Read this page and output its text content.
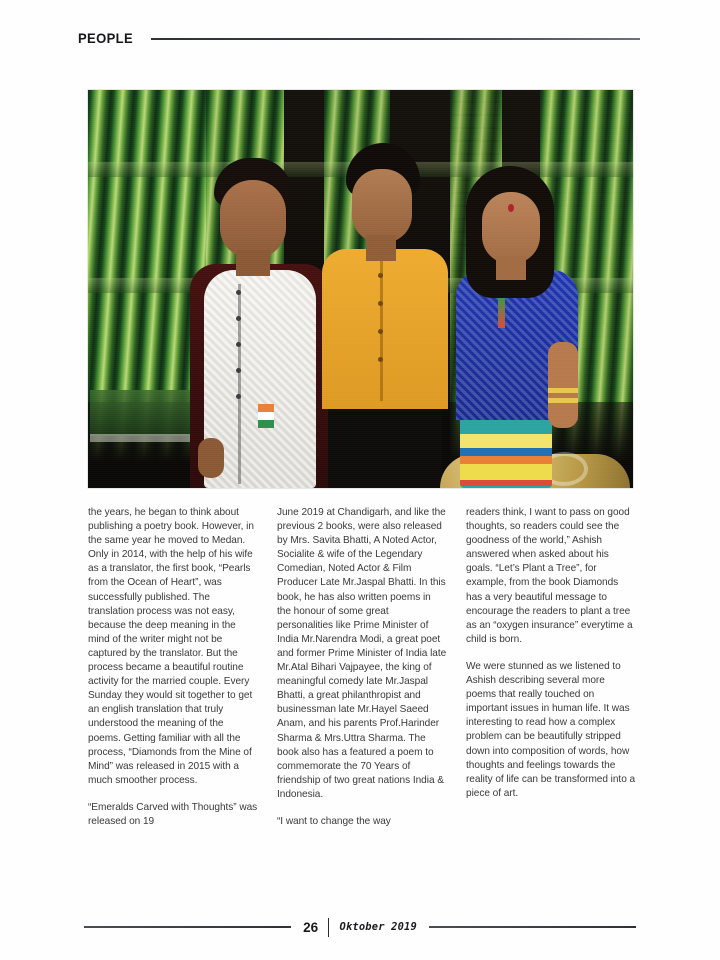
PEOPLE

the years, he began to think about publishing a poetry book. However, in the same year he moved to Medan. Only in 2014, with the help of his wife as a translator, the first book, “Pearls from the Ocean of Heart”, was successfully published. The translation process was not easy, because the deep meaning in the mind of the writer might not be captured by the translator. But the process became a beautiful routine activity for the married couple. Every Sunday they would sit together to get an english translation that truly understood the meaning of the poems. Getting familiar with all the process, “Diamonds from the Mine of Mind” was released in 2015 with a much smoother process.

“Emeralds Carved with Thoughts” was released on 19

June 2019 at Chandigarh, and like the previous 2 books, were also released by Mrs. Savita Bhatti, A Noted Actor, Socialite & wife of the Legendary Comedian, Noted Actor & Film Producer Late Mr.Jaspal Bhatti. In this book, he has also written poems in the honour of some great personalities like Prime Minister of India Mr.Narendra Modi, a great poet and former Prime Minister of India late Mr.Atal Bihari Vajpayee, the king of meaningful comedy late Mr.Jaspal Bhatti, a great philanthropist and businessman late Mr.Hayel Saeed Anam, and his parents Prof.Harinder Sharma & Mrs.Uttra Sharma. The book also has a featured a poem to commemorate the 70 Years of friendship of two great nations India & Indonesia.

“I want to change the way

readers think, I want to pass on good thoughts, so readers could see the goodness of the world,” Ashish answered when asked about his goals. “Let’s Plant a Tree”, for example, from the book Diamonds has a very beautiful message to encourage the readers to plant a tree as an “oxygen insurance” everytime a child is born.

We were stunned as we listened to Ashish describing several more poems that really touched on important issues in human life. It was interesting to read how a complex problem can be beautifully stripped down into composition of words, how thoughts and feelings towards the reality of life can be transformed into a piece of art.

26 Oktober 2019
